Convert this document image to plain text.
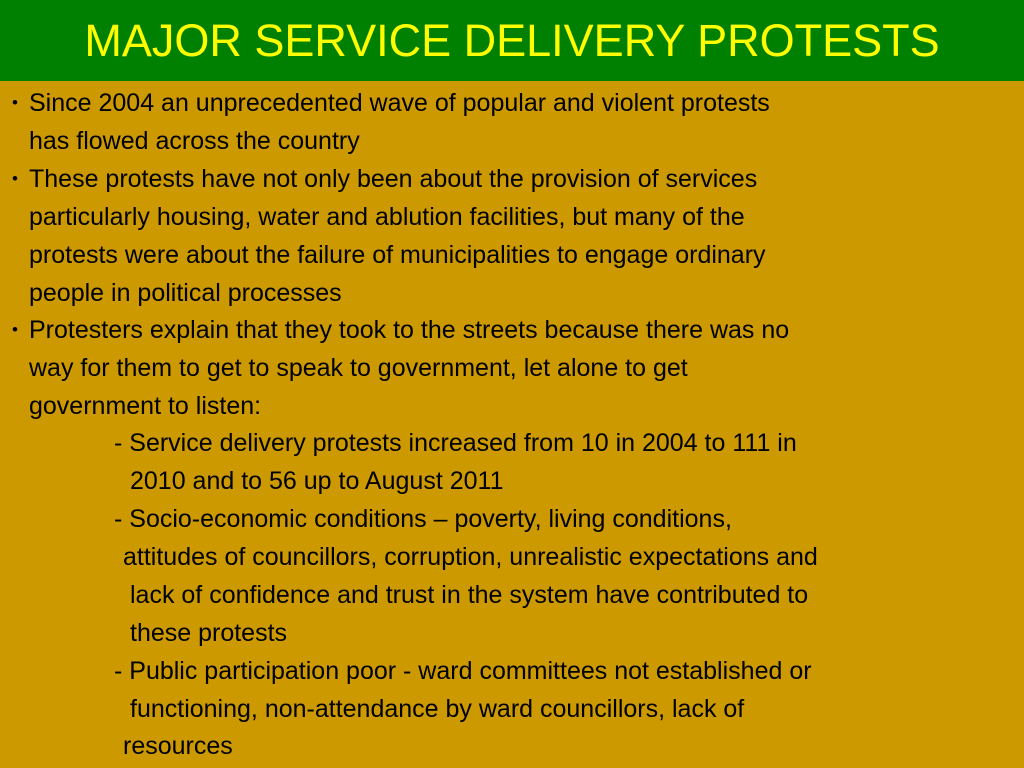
MAJOR SERVICE DELIVERY PROTESTS
• Since 2004 an unprecedented wave of popular and violent protests
has flowed across the country
• These protests have not only been about the provision of services
particularly housing, water and ablution facilities, but many of the
protests were about the failure of municipalities to engage ordinary
people in political processes
• Protesters explain that they took to the streets because there was no
way for them to get to speak to government, let alone to get
government to listen:
- Service delivery protests increased from 10 in 2004 to 111 in
2010 and to 56 up to August 2011
- Socio-economic conditions – poverty, living conditions,
attitudes of councillors, corruption, unrealistic expectations and
lack of confidence and trust in the system have contributed to
these protests
- Public participation poor - ward committees not established or
functioning, non-attendance by ward councillors, lack of
resources
